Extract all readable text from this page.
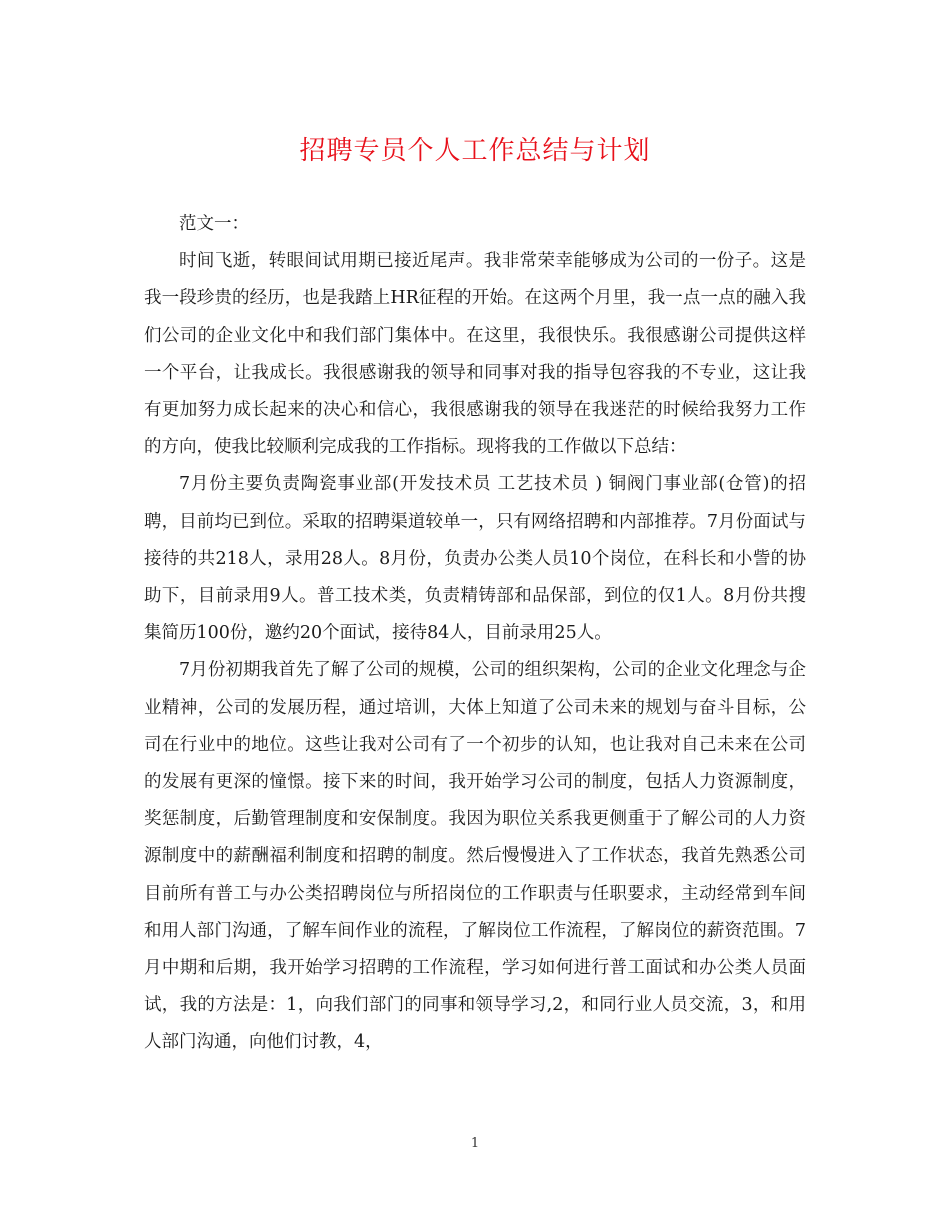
招聘专员个人工作总结与计划

范文一：

时间飞逝，转眼间试用期已接近尾声。我非常荣幸能够成为公司的一份子。这是我一段珍贵的经历，也是我踏上HR征程的开始。在这两个月里，我一点一点的融入我们公司的企业文化中和我们部门集体中。在这里，我很快乐。我很感谢公司提供这样一个平台，让我成长。我很感谢我的领导和同事对我的指导包容我的不专业，这让我有更加努力成长起来的决心和信心，我很感谢我的领导在我迷茫的时候给我努力工作的方向，使我比较顺利完成我的工作指标。现将我的工作做以下总结：

7月份主要负责陶瓷事业部(开发技术员 工艺技术员 ) 铜阀门事业部(仓管)的招聘，目前均已到位。采取的招聘渠道较单一，只有网络招聘和内部推荐。7月份面试与接待的共218人，录用28人。8月份，负责办公类人员10个岗位，在科长和小訾的协助下，目前录用9人。普工技术类，负责精铸部和品保部，到位的仅1人。8月份共搜集简历100份，邀约20个面试，接待84人，目前录用25人。

7月份初期我首先了解了公司的规模，公司的组织架构，公司的企业文化理念与企业精神，公司的发展历程，通过培训，大体上知道了公司未来的规划与奋斗目标，公司在行业中的地位。这些让我对公司有了一个初步的认知，也让我对自己未来在公司的发展有更深的憧憬。接下来的时间，我开始学习公司的制度，包括人力资源制度，奖惩制度，后勤管理制度和安保制度。我因为职位关系我更侧重于了解公司的人力资源制度中的薪酬福利制度和招聘的制度。然后慢慢进入了工作状态，我首先熟悉公司目前所有普工与办公类招聘岗位与所招岗位的工作职责与任职要求，主动经常到车间和用人部门沟通，了解车间作业的流程，了解岗位工作流程，了解岗位的薪资范围。7月中期和后期，我开始学习招聘的工作流程，学习如何进行普工面试和办公类人员面试，我的方法是：1，向我们部门的同事和领导学习,2，和同行业人员交流，3，和用人部门沟通，向他们讨教，4，

1
